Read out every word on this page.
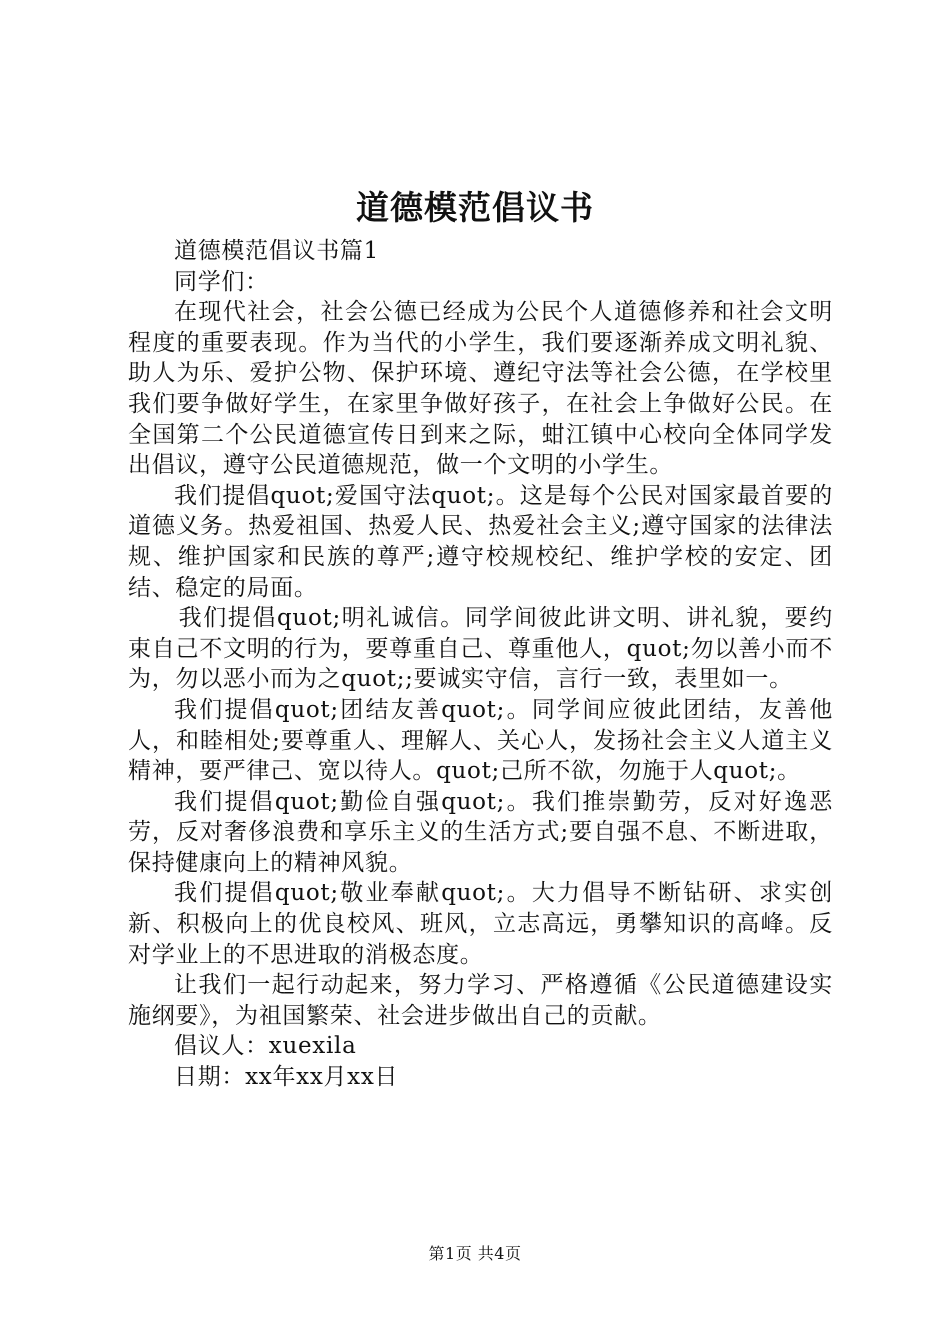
道德模范倡议书

道德模范倡议书篇1

同学们：

在现代社会，社会公德已经成为公民个人道德修养和社会文明程度的重要表现。作为当代的小学生，我们要逐渐养成文明礼貌、助人为乐、爱护公物、保护环境、遵纪守法等社会公德，在学校里我们要争做好学生，在家里争做好孩子，在社会上争做好公民。在全国第二个公民道德宣传日到来之际，蚶江镇中心校向全体同学发出倡议，遵守公民道德规范，做一个文明的小学生。

我们提倡quot;爱国守法quot;。这是每个公民对国家最首要的道德义务。热爱祖国、热爱人民、热爱社会主义;遵守国家的法律法规、维护国家和民族的尊严;遵守校规校纪、维护学校的安定、团结、稳定的局面。

我们提倡quot;明礼诚信。同学间彼此讲文明、讲礼貌，要约束自己不文明的行为，要尊重自己、尊重他人，quot;勿以善小而不为，勿以恶小而为之quot;;要诚实守信，言行一致，表里如一。

我们提倡quot;团结友善quot;。同学间应彼此团结，友善他人，和睦相处;要尊重人、理解人、关心人，发扬社会主义人道主义精神，要严律己、宽以待人。quot;己所不欲，勿施于人quot;。

我们提倡quot;勤俭自强quot;。我们推崇勤劳，反对好逸恶劳，反对奢侈浪费和享乐主义的生活方式;要自强不息、不断进取，保持健康向上的精神风貌。

我们提倡quot;敬业奉献quot;。大力倡导不断钻研、求实创新、积极向上的优良校风、班风，立志高远，勇攀知识的高峰。反对学业上的不思进取的消极态度。

让我们一起行动起来，努力学习、严格遵循《公民道德建设实施纲要》，为祖国繁荣、社会进步做出自己的贡献。

倡议人：xuexila

日期：xx年xx月xx日

第1页 共4页
